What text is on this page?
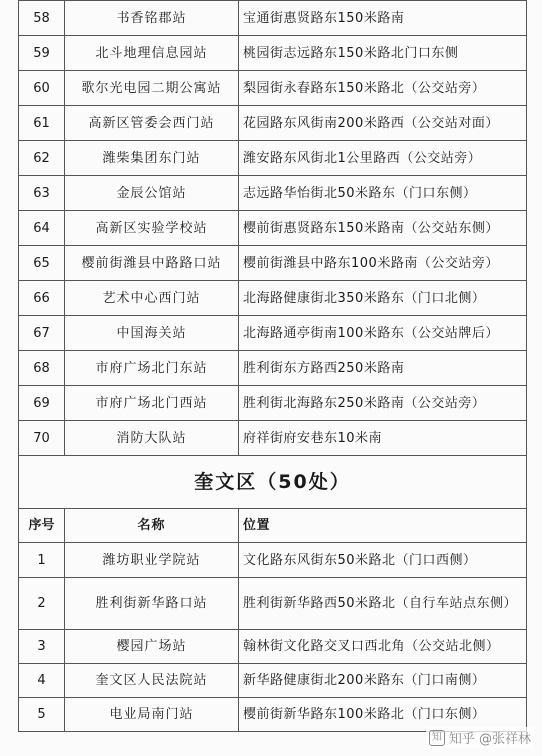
58	书香铭郡站	宝通街惠贤路东150米路南
59	北斗地理信息园站	桃园街志远路东150米路北门口东侧
60	歌尔光电园二期公寓站	梨园街永春路东150米路北（公交站旁）
61	高新区管委会西门站	花园路东风街南200米路西（公交站对面）
62	潍柴集团东门站	潍安路东风街北1公里路西（公交站旁）
63	金辰公馆站	志远路华怡街北50米路东（门口东侧）
64	高新区实验学校站	樱前街惠贤路东150米路南（公交站东侧）
65	樱前街潍县中路路口站	樱前街潍县中路东100米路南（公交站旁）
66	艺术中心西门站	北海路健康街北350米路东（门口北侧）
67	中国海关站	北海路通亭街南100米路东（公交站牌后）
68	市府广场北门东站	胜利街东方路西250米路南
69	市府广场北门西站	胜利街北海路东250米路南（公交站旁）
70	消防大队站	府祥街府安巷东10米南
奎文区（50处）		
序号	名称	位置
1	潍坊职业学院站	文化路东风街东50米路北（门口西侧）
2	胜利街新华路口站	胜利街新华路西50米路北（自行车站点东侧）
3	樱园广场站	翰林街文化路交叉口西北角（公交站北侧）
4	奎文区人民法院站	新华路健康街北200米路东（门口南侧）
5	电业局南门站	樱前街新华路东100米路北（门口东侧）
知 知乎 @张祥林
